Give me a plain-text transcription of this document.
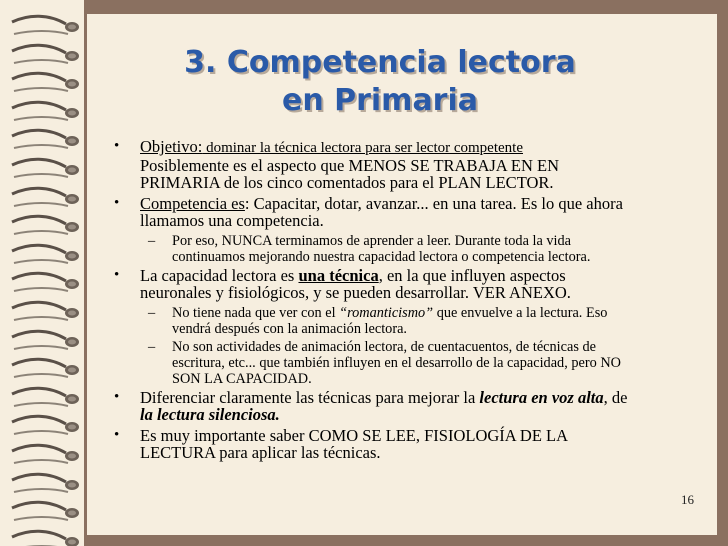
3. Competencia lectora
en Primaria
• Objetivo: dominar la técnica lectora para ser lector competente
Posiblemente es el aspecto que MENOS SE TRABAJA EN EN
PRIMARIA de los cinco comentados para el PLAN LECTOR.
• Competencia es: Capacitar, dotar, avanzar... en una tarea. Es lo que ahora
llamamos una competencia.
– Por eso, NUNCA terminamos de aprender a leer. Durante toda la vida
continuamos mejorando nuestra capacidad lectora o competencia lectora.
• La capacidad lectora es una técnica, en la que influyen aspectos
neuronales y fisiológicos, y se pueden desarrollar. VER ANEXO.
– No tiene nada que ver con el “romanticismo” que envuelve a la lectura. Eso
vendrá después con la animación lectora.
– No son actividades de animación lectora, de cuentacuentos, de técnicas de
escritura, etc... que también influyen en el desarrollo de la capacidad, pero NO
SON LA CAPACIDAD.
• Diferenciar claramente las técnicas para mejorar la lectura en voz alta, de
la lectura silenciosa.
• Es muy importante saber COMO SE LEE, FISIOLOGÍA DE LA
LECTURA para aplicar las técnicas.
16
